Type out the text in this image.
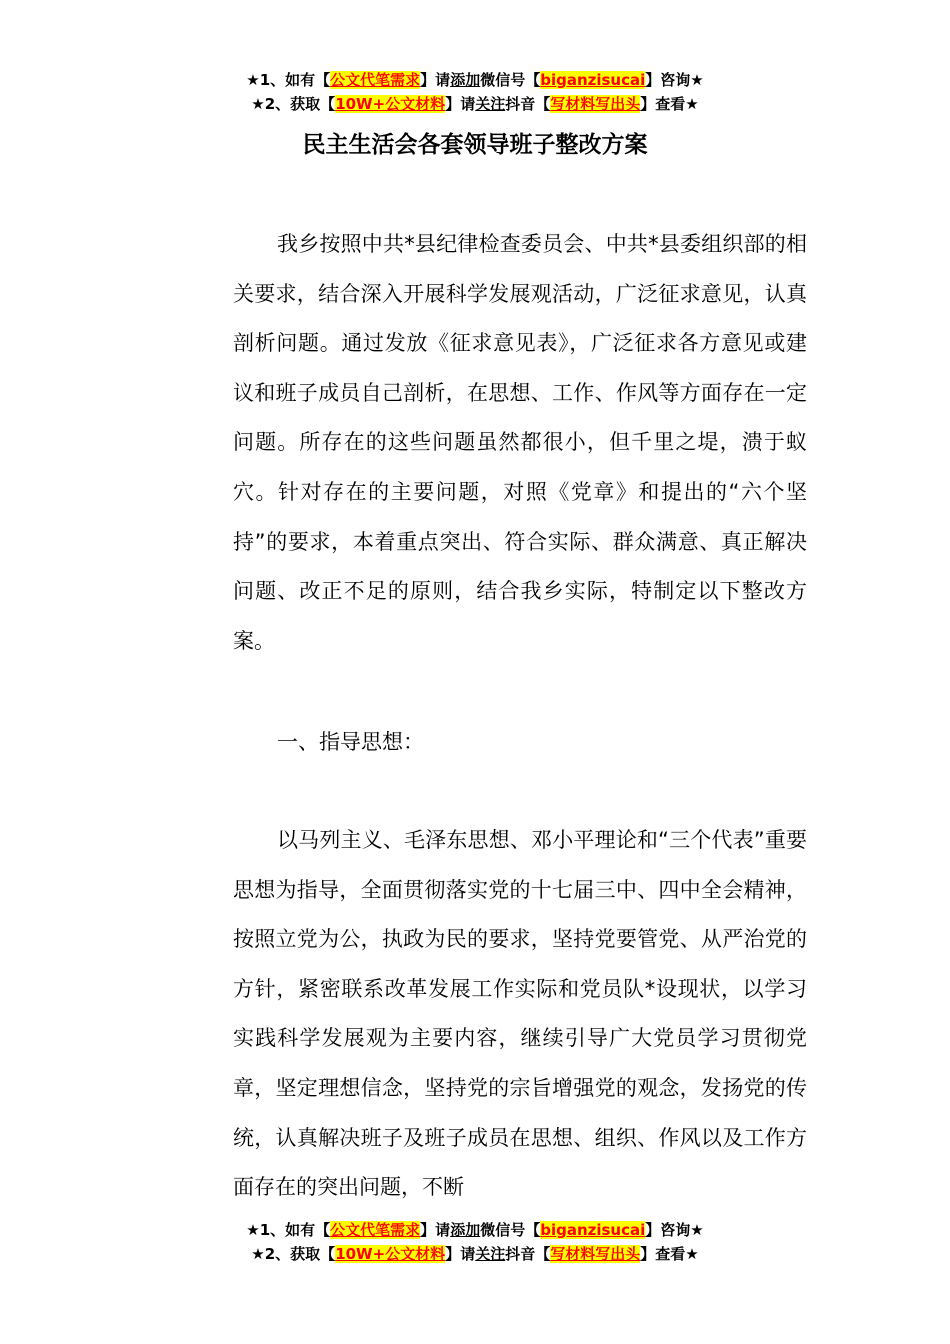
★1、如有【公文代笔需求】请添加微信号【biganzisucai】咨询★
★2、获取【10W+公文材料】请关注抖音【写材料写出头】查看★
民主生活会各套领导班子整改方案
我乡按照中共*县纪律检查委员会、中共*县委组织部的相关要求，结合深入开展科学发展观活动，广泛征求意见，认真剖析问题。通过发放《征求意见表》，广泛征求各方意见或建议和班子成员自己剖析，在思想、工作、作风等方面存在一定问题。所存在的这些问题虽然都很小，但千里之堤，溃于蚁穴。针对存在的主要问题，对照《党章》和提出的“六个坚持”的要求，本着重点突出、符合实际、群众满意、真正解决问题、改正不足的原则，结合我乡实际，特制定以下整改方案。
一、指导思想：
以马列主义、毛泽东思想、邓小平理论和“三个代表”重要思想为指导，全面贯彻落实党的十七届三中、四中全会精神，按照立党为公，执政为民的要求，坚持党要管党、从严治党的方针，紧密联系改革发展工作实际和党员队*设现状，以学习实践科学发展观为主要内容，继续引导广大党员学习贯彻党章，坚定理想信念，坚持党的宗旨增强党的观念，发扬党的传统，认真解决班子及班子成员在思想、组织、作风以及工作方面存在的突出问题，不断
★1、如有【公文代笔需求】请添加微信号【biganzisucai】咨询★
★2、获取【10W+公文材料】请关注抖音【写材料写出头】查看★
